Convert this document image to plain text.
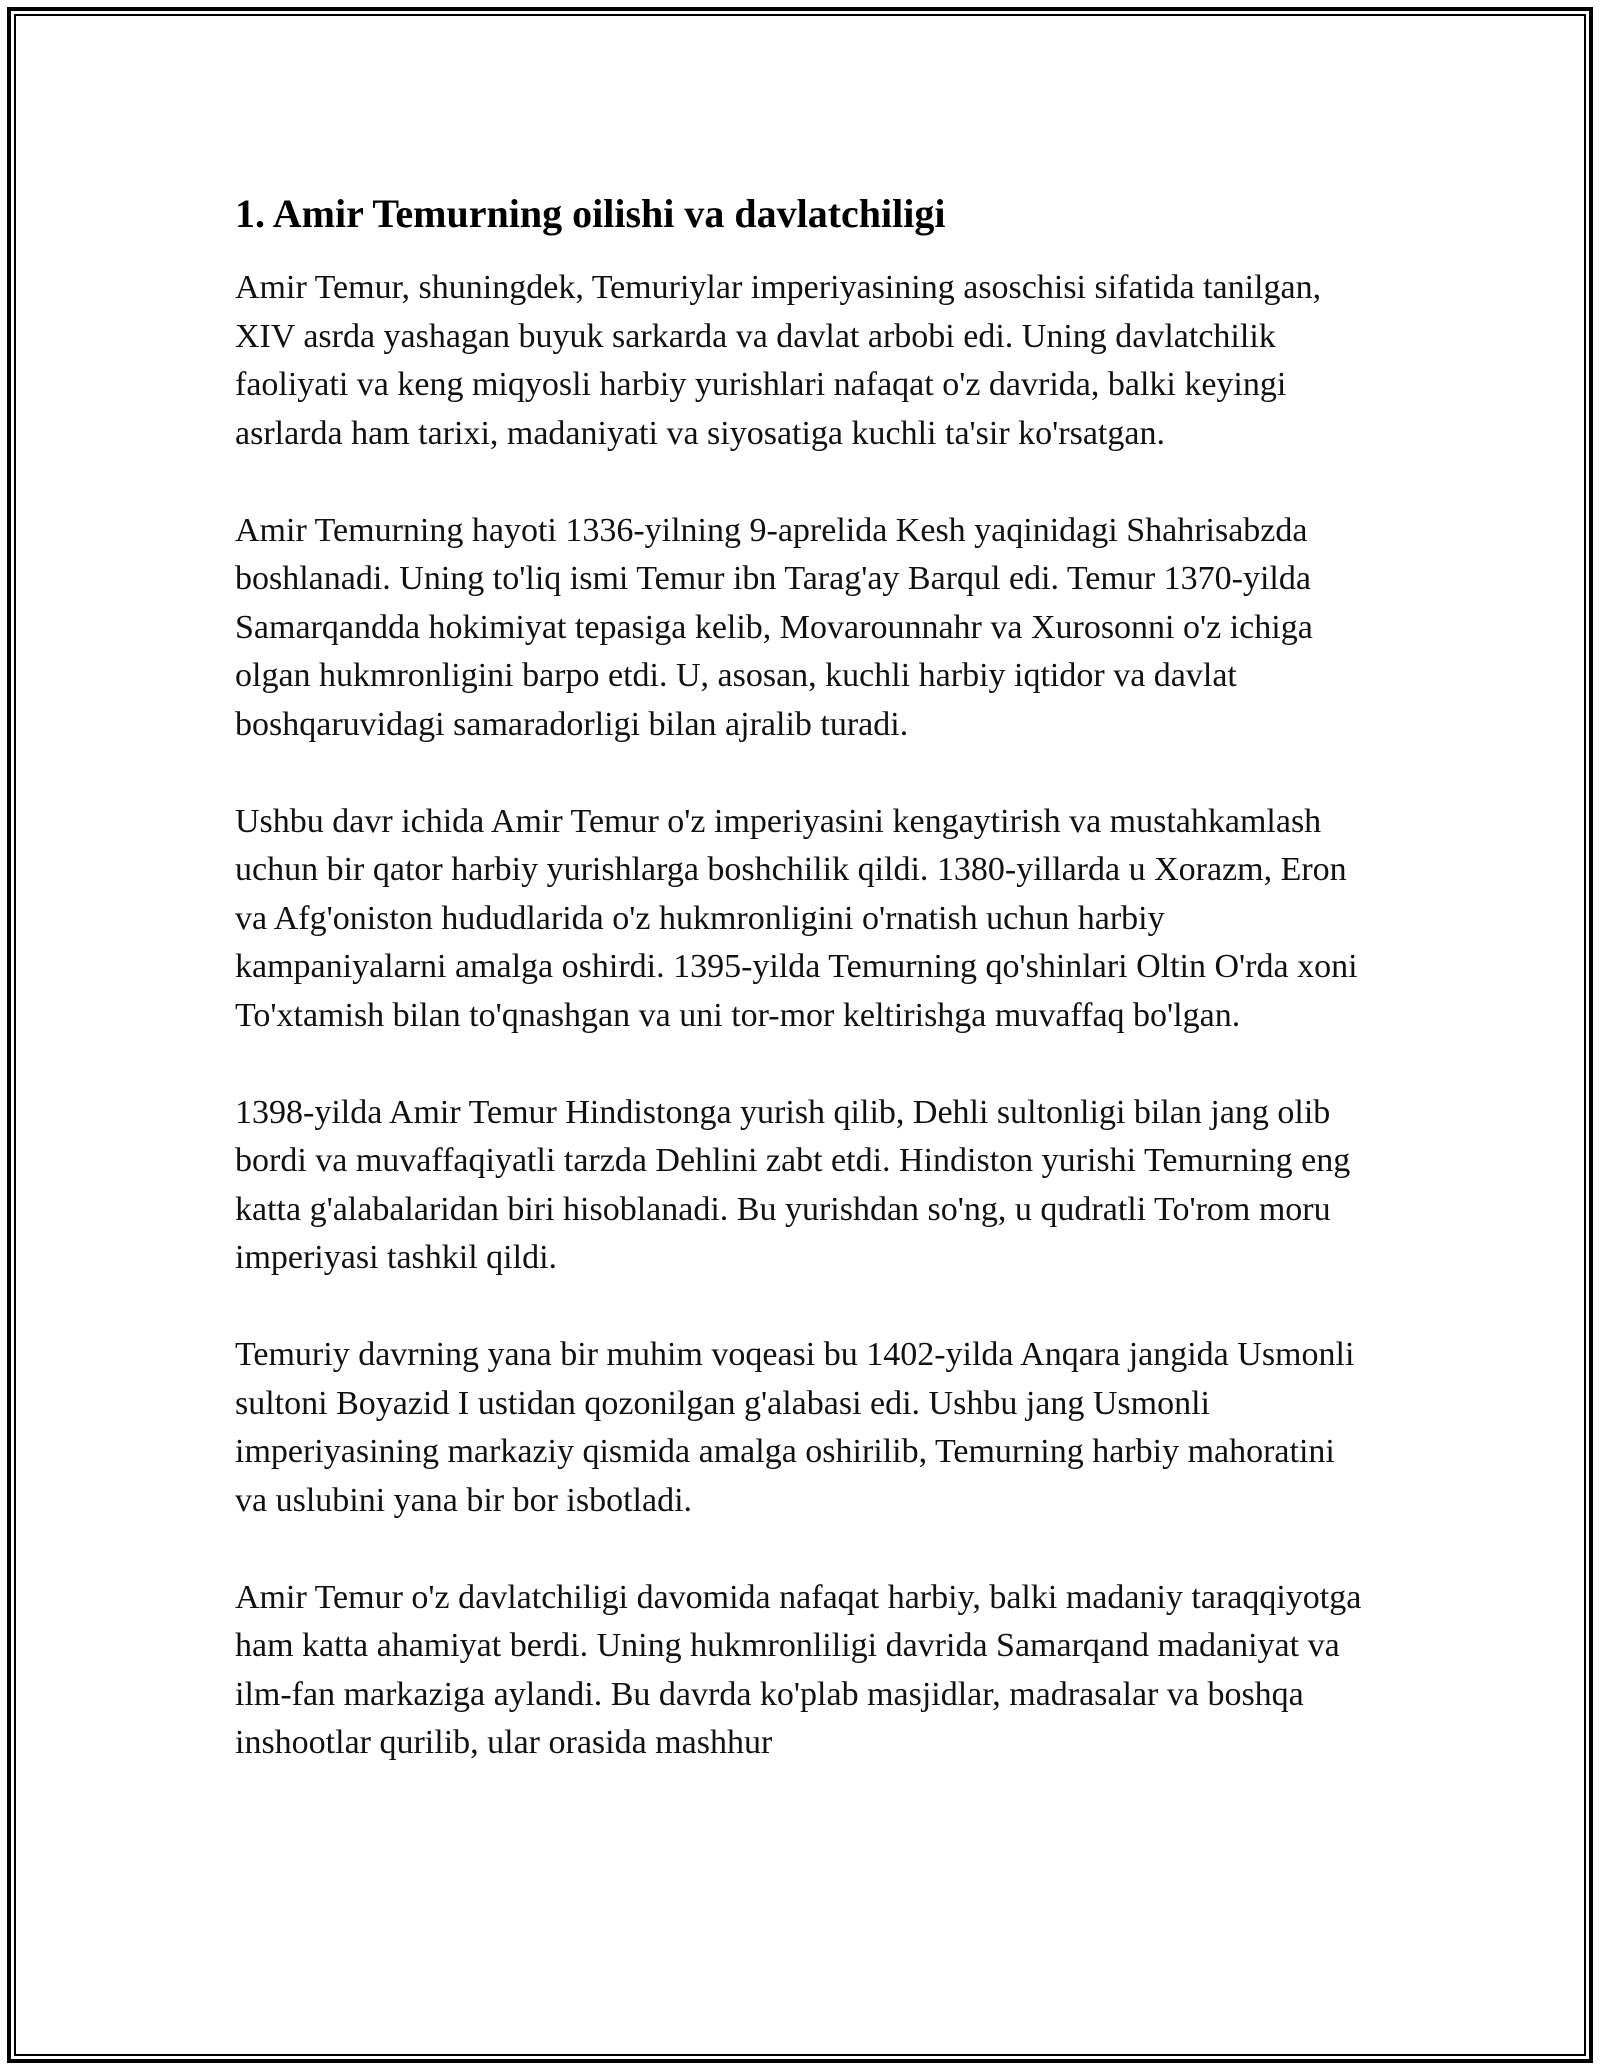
1. Amir Temurning oilishi va davlatchiligi

Amir Temur, shuningdek, Temuriylar imperiyasining asoschisi sifatida tanilgan, XIV asrda yashagan buyuk sarkarda va davlat arbobi edi. Uning davlatchilik faoliyati va keng miqyosli harbiy yurishlari nafaqat o'z davrida, balki keyingi asrlarda ham tarixi, madaniyati va siyosatiga kuchli ta'sir ko'rsatgan.

Amir Temurning hayoti 1336-yilning 9-aprelida Kesh yaqinidagi Shahrisabzda boshlanadi. Uning to'liq ismi Temur ibn Tarag'ay Barqul edi. Temur 1370-yilda Samarqandda hokimiyat tepasiga kelib, Movarounnahr va Xurosonni o'z ichiga olgan hukmronligini barpo etdi. U, asosan, kuchli harbiy iqtidor va davlat boshqaruvidagi samaradorligi bilan ajralib turadi.

Ushbu davr ichida Amir Temur o'z imperiyasini kengaytirish va mustahkamlash uchun bir qator harbiy yurishlarga boshchilik qildi. 1380-yillarda u Xorazm, Eron va Afg'oniston hududlarida o'z hukmronligini o'rnatish uchun harbiy kampaniyalarni amalga oshirdi. 1395-yilda Temurning qo'shinlari Oltin O'rda xoni To'xtamish bilan to'qnashgan va uni tor-mor keltirishga muvaffaq bo'lgan.

1398-yilda Amir Temur Hindistonga yurish qilib, Dehli sultonligi bilan jang olib bordi va muvaffaqiyatli tarzda Dehlini zabt etdi. Hindiston yurishi Temurning eng katta g'alabalaridan biri hisoblanadi. Bu yurishdan so'ng, u qudratli To'rom moru imperiyasi tashkil qildi.

Temuriy davrning yana bir muhim voqeasi bu 1402-yilda Anqara jangida Usmonli sultoni Boyazid I ustidan qozonilgan g'alabasi edi. Ushbu jang Usmonli imperiyasining markaziy qismida amalga oshirilib, Temurning harbiy mahoratini va uslubini yana bir bor isbotladi.

Amir Temur o'z davlatchiligi davomida nafaqat harbiy, balki madaniy taraqqiyotga ham katta ahamiyat berdi. Uning hukmronliligi davrida Samarqand madaniyat va ilm-fan markaziga aylandi. Bu davrda ko'plab masjidlar, madrasalar va boshqa inshootlar qurilib, ular orasida mashhur
